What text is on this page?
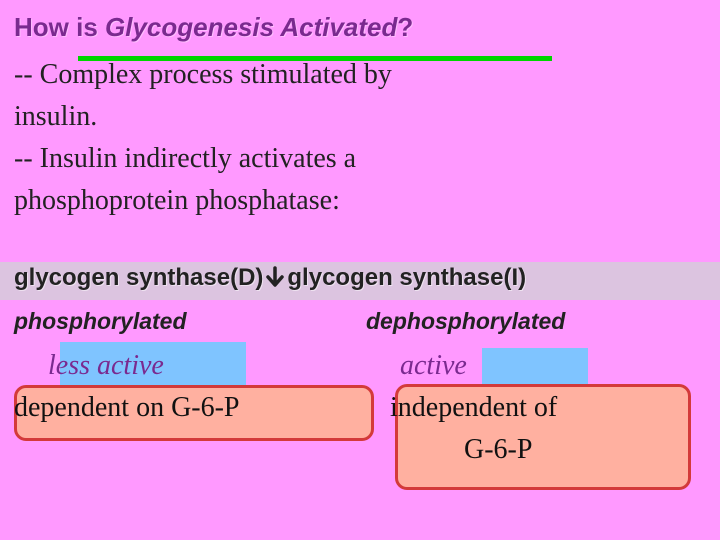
How is Glycogenesis Activated?
-- Complex process stimulated by
insulin.
-- Insulin indirectly activates a
phosphoprotein phosphatase:
glycogen synthase(D) glycogen synthase(I)
phosphorylated	dephosphorylated
less active	active
dependent on G-6-P	independent of
G-6-P
